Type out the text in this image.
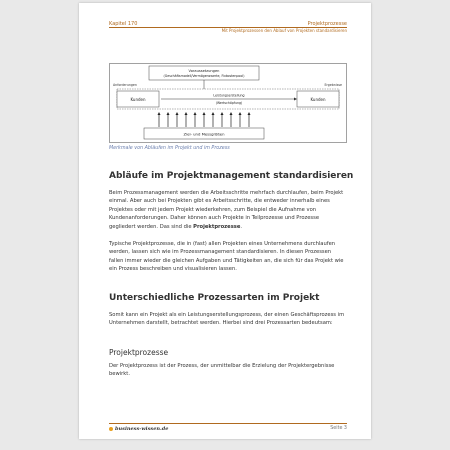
Kapitel 170	Projektprozesse
Mit Projektprozessen den Ablauf von Projekten standardisieren
Voraussetzungen
(Geschäftsmodell/Vermögenswerte, Fixkostenpool)
Anforderungen	Ergebnisse
Kunden	Kunden
Leistungserstellung
(Wertschöpfung)
Ziel- und Messgrößen
Merkmale von Abläufen im Projekt und im Prozess
Abläufe im Projektmanagement standardisieren
Beim Prozessmanagement werden die Arbeitsschritte mehrfach durchlaufen, beim Projekt einmal. Aber auch bei Projekten gibt es Arbeitsschritte, die entweder innerhalb eines Projektes oder mit jedem Projekt wiederkehren, zum Beispiel die Aufnahme von Kundenanforderungen. Daher können auch Projekte in Teilprozesse und Prozesse gegliedert werden. Das sind die Projektprozesse.
Typische Projektprozesse, die in (fast) allen Projekten eines Unternehmens durchlaufen werden, lassen sich wie im Prozessmanagement standardisieren. In diesen Prozessen fallen immer wieder die gleichen Aufgaben und Tätigkeiten an, die sich für das Projekt wie ein Prozess beschreiben und visualisieren lassen.
Unterschiedliche Prozessarten im Projekt
Somit kann ein Projekt als ein Leistungserstellungsprozess, der einen Geschäftsprozess im Unternehmen darstellt, betrachtet werden. Hierbei sind drei Prozessarten bedeutsam:
Projektprozesse
Der Projektprozess ist der Prozess, der unmittelbar die Erzielung der Projektergebnisse bewirkt.
business-wissen.de	Seite 3
